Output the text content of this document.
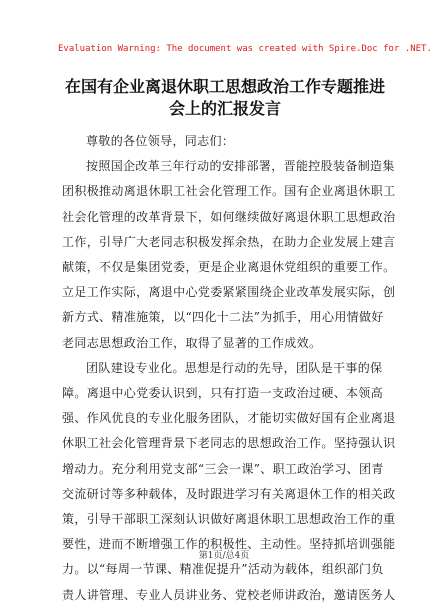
Evaluation Warning: The document was created with Spire.Doc for .NET.
在国有企业离退休职工思想政治工作专题推进
会上的汇报发言

尊敬的各位领导，同志们：

按照国企改革三年行动的安排部署，晋能控股装备制造集
团积极推动离退休职工社会化管理工作。国有企业离退休职工
社会化管理的改革背景下，如何继续做好离退休职工思想政治
工作，引导广大老同志积极发挥余热，在助力企业发展上建言
献策，不仅是集团党委，更是企业离退休党组织的重要工作。
立足工作实际，离退中心党委紧紧围绕企业改革发展实际，创
新方式、精准施策，以“四化十二法”为抓手，用心用情做好
老同志思想政治工作，取得了显著的工作成效。

团队建设专业化。思想是行动的先导，团队是干事的保
障。离退中心党委认识到，只有打造一支政治过硬、本领高
强、作风优良的专业化服务团队，才能切实做好国有企业离退
休职工社会化管理背景下老同志的思想政治工作。坚持强认识
增动力。充分利用党支部“三会一课”、职工政治学习、团青
交流研讨等多种载体，及时跟进学习有关离退休工作的相关政
策，引导干部职工深刻认识做好离退休职工思想政治工作的重
要性，进而不断增强工作的积极性、主动性。坚持抓培训强能
力。以“每周一节课、精准促提升”活动为载体，组织部门负
责人讲管理、专业人员讲业务、党校老师讲政治，邀请医务人

第1页/总4页
